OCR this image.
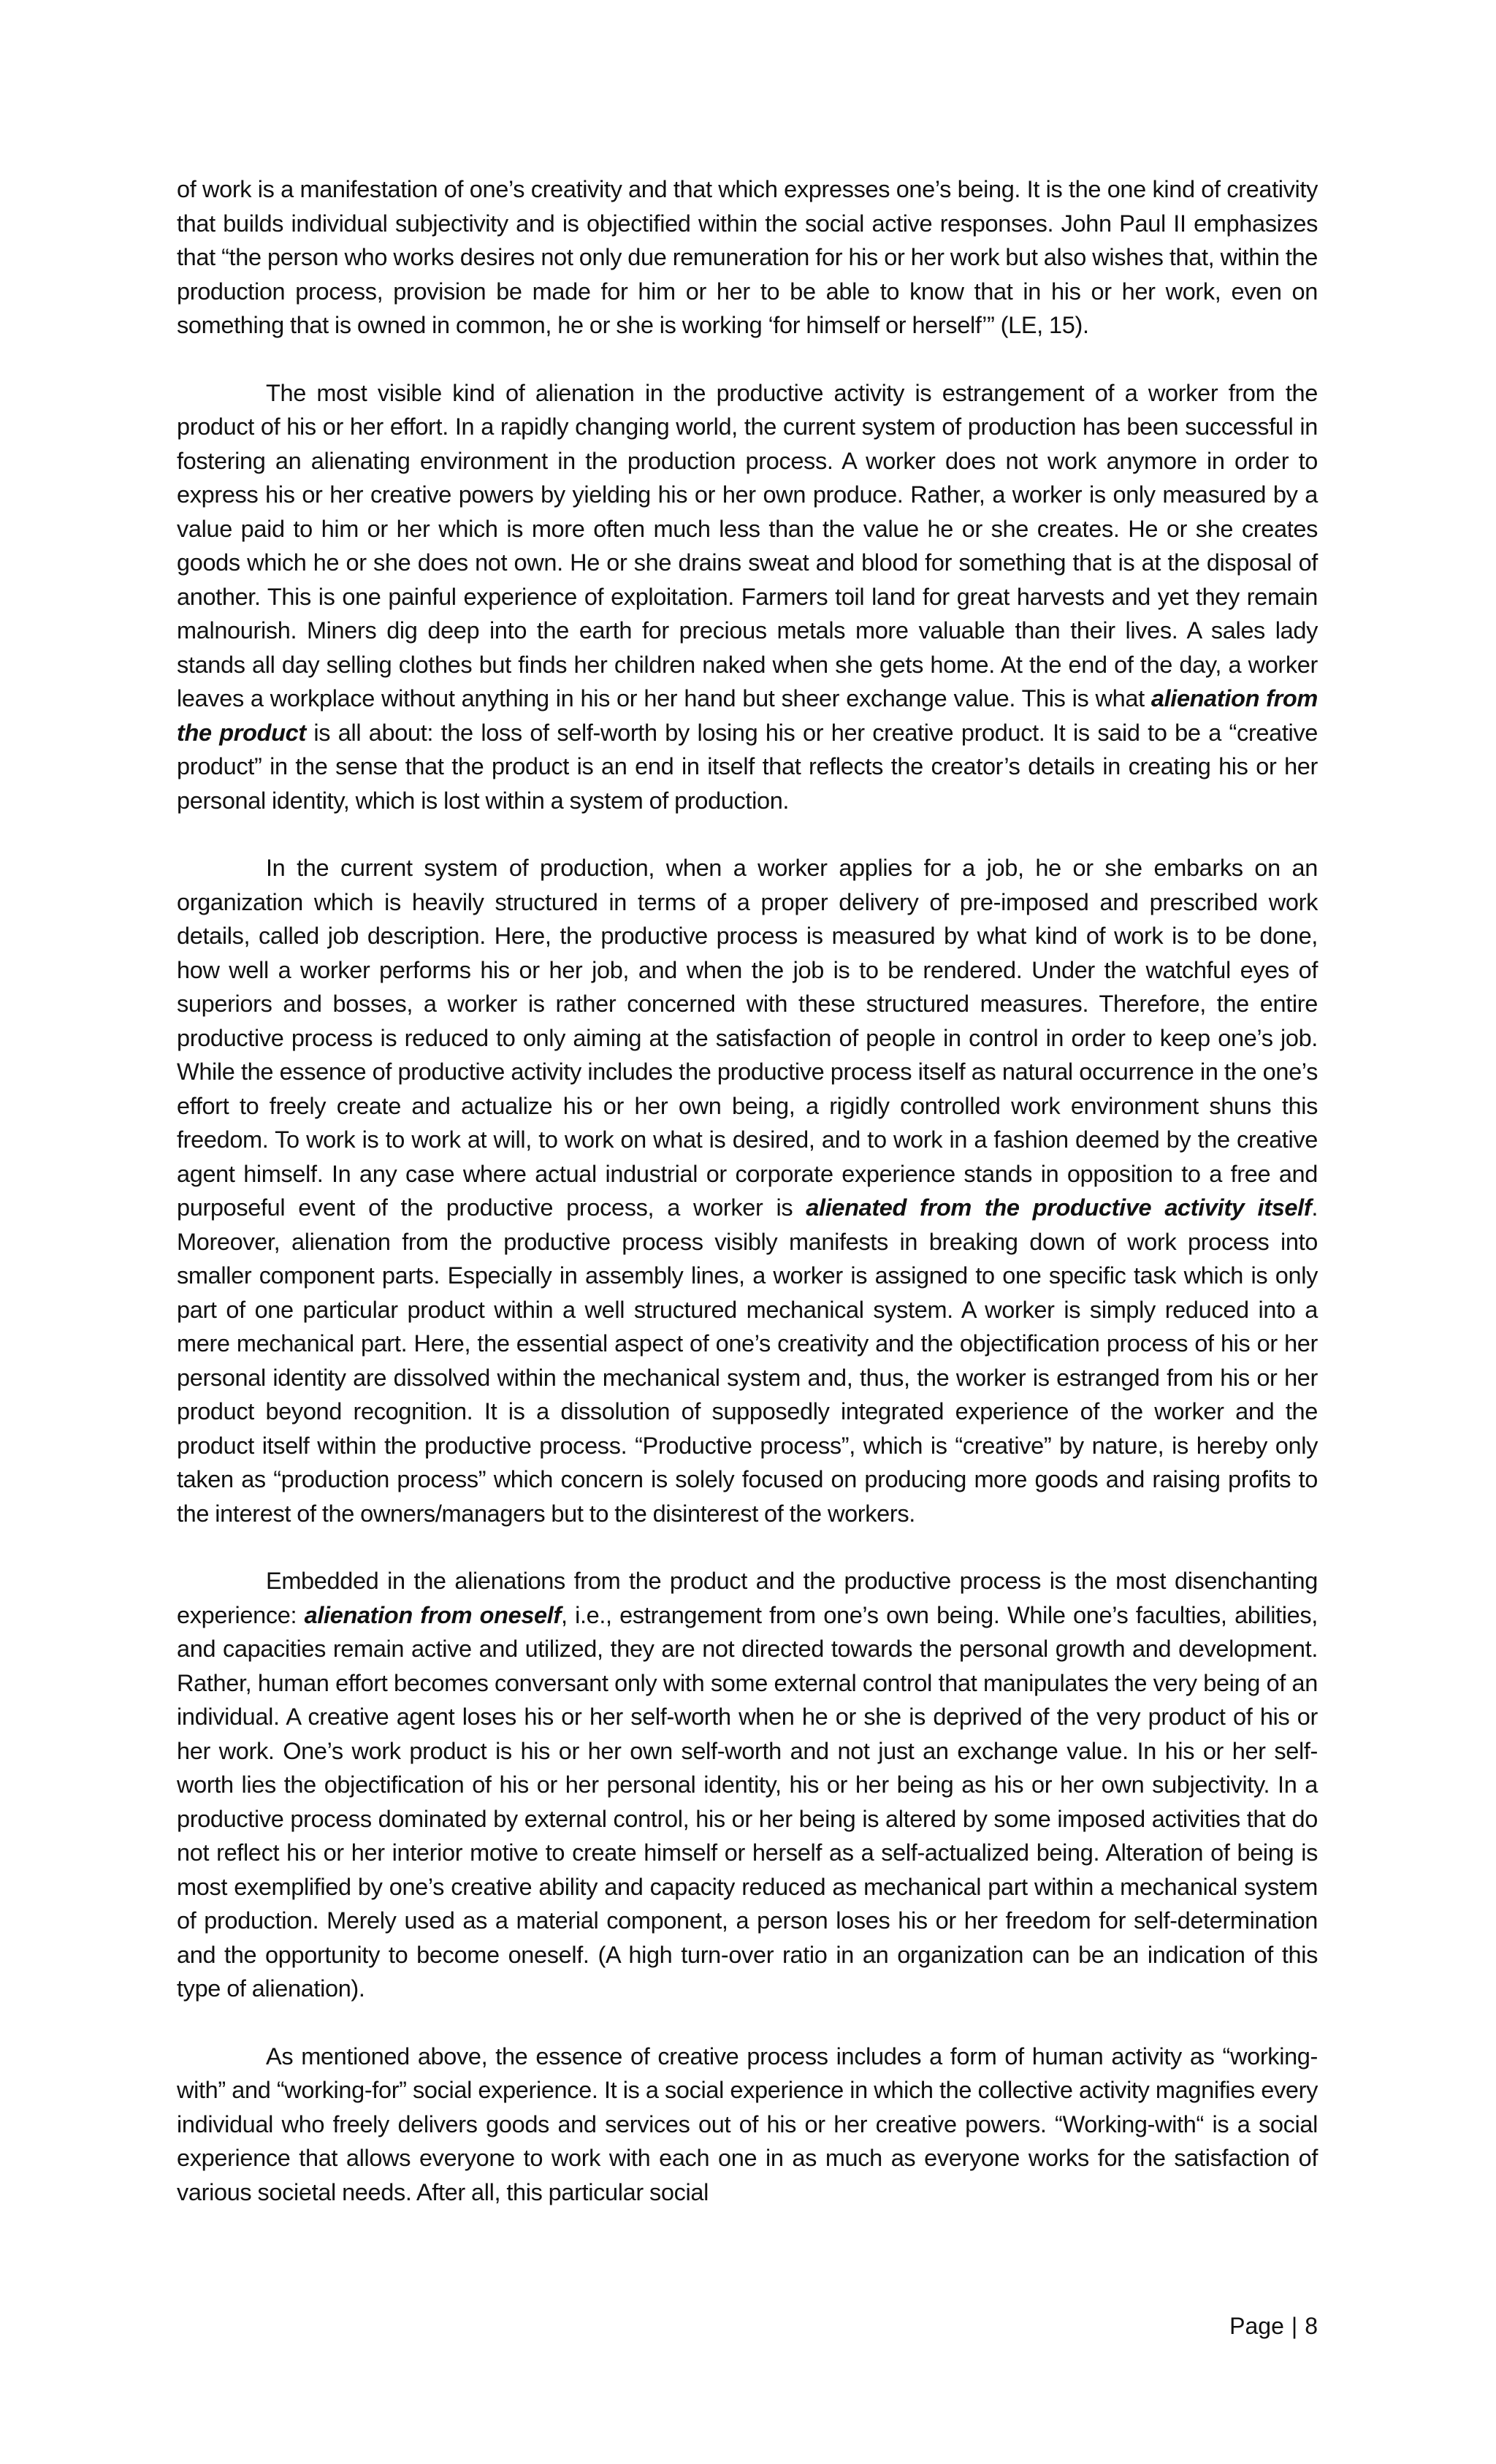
of work is a manifestation of one’s creativity and that which expresses one’s being. It is the one kind of creativity that builds individual subjectivity and is objectified within the social active responses. John Paul II emphasizes that “the person who works desires not only due remuneration for his or her work but also wishes that, within the production process, provision be made for him or her to be able to know that in his or her work, even on something that is owned in common, he or she is working ‘for himself or herself’” (LE, 15).

The most visible kind of alienation in the productive activity is estrangement of a worker from the product of his or her effort. In a rapidly changing world, the current system of production has been successful in fostering an alienating environment in the production process. A worker does not work anymore in order to express his or her creative powers by yielding his or her own produce. Rather, a worker is only measured by a value paid to him or her which is more often much less than the value he or she creates. He or she creates goods which he or she does not own. He or she drains sweat and blood for something that is at the disposal of another. This is one painful experience of exploitation. Farmers toil land for great harvests and yet they remain malnourish. Miners dig deep into the earth for precious metals more valuable than their lives. A sales lady stands all day selling clothes but finds her children naked when she gets home. At the end of the day, a worker leaves a workplace without anything in his or her hand but sheer exchange value. This is what alienation from the product is all about: the loss of self-worth by losing his or her creative product. It is said to be a “creative product” in the sense that the product is an end in itself that reflects the creator’s details in creating his or her personal identity, which is lost within a system of production.

In the current system of production, when a worker applies for a job, he or she embarks on an organization which is heavily structured in terms of a proper delivery of pre-imposed and prescribed work details, called job description. Here, the productive process is measured by what kind of work is to be done, how well a worker performs his or her job, and when the job is to be rendered. Under the watchful eyes of superiors and bosses, a worker is rather concerned with these structured measures. Therefore, the entire productive process is reduced to only aiming at the satisfaction of people in control in order to keep one’s job. While the essence of productive activity includes the productive process itself as natural occurrence in the one’s effort to freely create and actualize his or her own being, a rigidly controlled work environment shuns this freedom. To work is to work at will, to work on what is desired, and to work in a fashion deemed by the creative agent himself. In any case where actual industrial or corporate experience stands in opposition to a free and purposeful event of the productive process, a worker is alienated from the productive activity itself. Moreover, alienation from the productive process visibly manifests in breaking down of work process into smaller component parts. Especially in assembly lines, a worker is assigned to one specific task which is only part of one particular product within a well structured mechanical system. A worker is simply reduced into a mere mechanical part. Here, the essential aspect of one’s creativity and the objectification process of his or her personal identity are dissolved within the mechanical system and, thus, the worker is estranged from his or her product beyond recognition. It is a dissolution of supposedly integrated experience of the worker and the product itself within the productive process. “Productive process”, which is “creative” by nature, is hereby only taken as “production process” which concern is solely focused on producing more goods and raising profits to the interest of the owners/managers but to the disinterest of the workers.

Embedded in the alienations from the product and the productive process is the most disenchanting experience: alienation from oneself, i.e., estrangement from one’s own being. While one’s faculties, abilities, and capacities remain active and utilized, they are not directed towards the personal growth and development. Rather, human effort becomes conversant only with some external control that manipulates the very being of an individual. A creative agent loses his or her self-worth when he or she is deprived of the very product of his or her work. One’s work product is his or her own self-worth and not just an exchange value. In his or her self-worth lies the objectification of his or her personal identity, his or her being as his or her own subjectivity. In a productive process dominated by external control, his or her being is altered by some imposed activities that do not reflect his or her interior motive to create himself or herself as a self-actualized being. Alteration of being is most exemplified by one’s creative ability and capacity reduced as mechanical part within a mechanical system of production. Merely used as a material component, a person loses his or her freedom for self-determination and the opportunity to become oneself. (A high turn-over ratio in an organization can be an indication of this type of alienation).

As mentioned above, the essence of creative process includes a form of human activity as “working-with” and “working-for” social experience. It is a social experience in which the collective activity magnifies every individual who freely delivers goods and services out of his or her creative powers. “Working-with“ is a social experience that allows everyone to work with each one in as much as everyone works for the satisfaction of various societal needs. After all, this particular social

Page | 8
